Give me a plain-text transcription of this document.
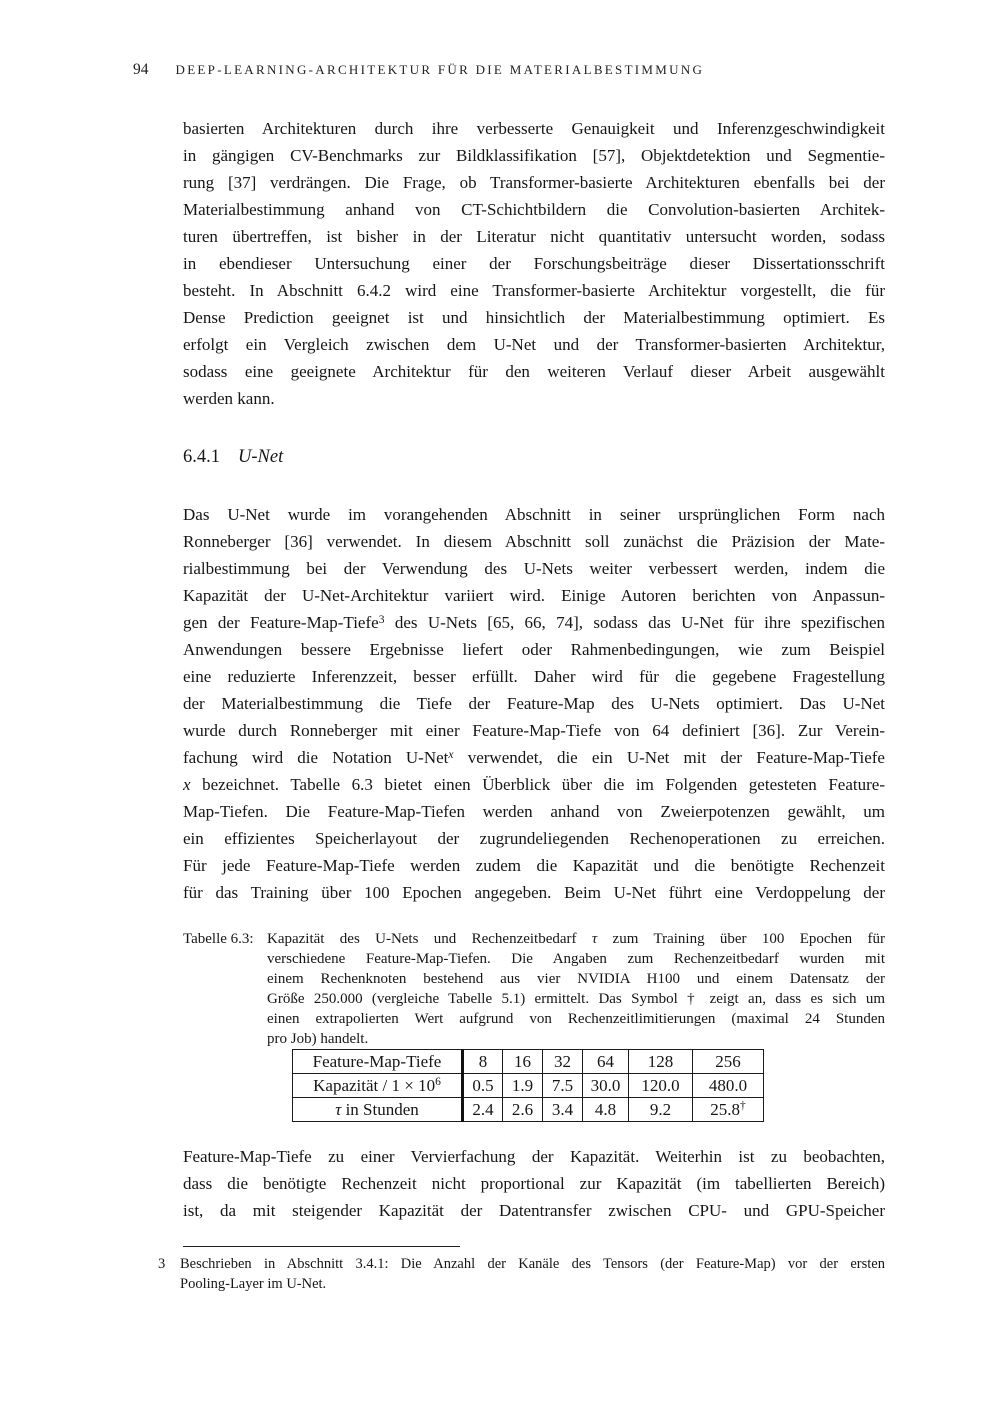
94 DEEP-LEARNING-ARCHITEKTUR FÜR DIE MATERIALBESTIMMUNG
basierten Architekturen durch ihre verbesserte Genauigkeit und Inferenzgeschwindigkeit
in gängigen CV-Benchmarks zur Bildklassifikation [57], Objektdetektion und Segmentie-
rung [37] verdrängen. Die Frage, ob Transformer-basierte Architekturen ebenfalls bei der
Materialbestimmung anhand von CT-Schichtbildern die Convolution-basierten Architek-
turen übertreffen, ist bisher in der Literatur nicht quantitativ untersucht worden, sodass
in ebendieser Untersuchung einer der Forschungsbeiträge dieser Dissertationsschrift
besteht. In Abschnitt 6.4.2 wird eine Transformer-basierte Architektur vorgestellt, die für
Dense Prediction geeignet ist und hinsichtlich der Materialbestimmung optimiert. Es
erfolgt ein Vergleich zwischen dem U-Net und der Transformer-basierten Architektur,
sodass eine geeignete Architektur für den weiteren Verlauf dieser Arbeit ausgewählt
werden kann.
6.4.1 U-Net
Das U-Net wurde im vorangehenden Abschnitt in seiner ursprünglichen Form nach
Ronneberger [36] verwendet. In diesem Abschnitt soll zunächst die Präzision der Mate-
rialbestimmung bei der Verwendung des U-Nets weiter verbessert werden, indem die
Kapazität der U-Net-Architektur variiert wird. Einige Autoren berichten von Anpassun-
gen der Feature-Map-Tiefe$^3$ des U-Nets [65, 66, 74], sodass das U-Net für ihre spezifischen
Anwendungen bessere Ergebnisse liefert oder Rahmenbedingungen, wie zum Beispiel
eine reduzierte Inferenzzeit, besser erfüllt. Daher wird für die gegebene Fragestellung
der Materialbestimmung die Tiefe der Feature-Map des U-Nets optimiert. Das U-Net
wurde durch Ronneberger mit einer Feature-Map-Tiefe von 64 definiert [36]. Zur Verein-
fachung wird die Notation U-Net$^x$ verwendet, die ein U-Net mit der Feature-Map-Tiefe
x bezeichnet. Tabelle 6.3 bietet einen Überblick über die im Folgenden getesteten Feature-
Map-Tiefen. Die Feature-Map-Tiefen werden anhand von Zweierpotenzen gewählt, um
ein effizientes Speicherlayout der zugrundeliegenden Rechenoperationen zu erreichen.
Für jede Feature-Map-Tiefe werden zudem die Kapazität und die benötigte Rechenzeit
für das Training über 100 Epochen angegeben. Beim U-Net führt eine Verdoppelung der
Tabelle 6.3: Kapazität des U-Nets und Rechenzeitbedarf τ zum Training über 100 Epochen für
verschiedene Feature-Map-Tiefen. Die Angaben zum Rechenzeitbedarf wurden mit
einem Rechenknoten bestehend aus vier NVIDIA H100 und einem Datensatz der
Größe 250.000 (vergleiche Tabelle 5.1) ermittelt. Das Symbol † zeigt an, dass es sich um
einen extrapolierten Wert aufgrund von Rechenzeitlimitierungen (maximal 24 Stunden
pro Job) handelt.
Feature-Map-Tiefe	8	16	32	64	128	256
Kapazität / $1 \times 10^6$	0.5	1.9	7.5	30.0	120.0	480.0
τ in Stunden	2.4	2.6	3.4	4.8	9.2	25.8†
Feature-Map-Tiefe zu einer Vervierfachung der Kapazität. Weiterhin ist zu beobachten,
dass die benötigte Rechenzeit nicht proportional zur Kapazität (im tabellierten Bereich)
ist, da mit steigender Kapazität der Datentransfer zwischen CPU- und GPU-Speicher
3	Beschrieben in Abschnitt 3.4.1: Die Anzahl der Kanäle des Tensors (der Feature-Map) vor der ersten
Pooling-Layer im U-Net.
